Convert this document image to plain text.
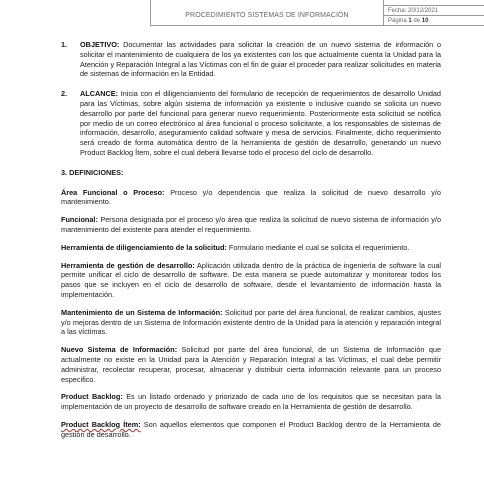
PROCEDIMIENTO SISTEMAS DE INFORMACIÓN
Fecha: 20/12/2021
Página
1
de
10
1. OBJETIVO: Documentar las actividades para solicitar la creación de un nuevo sistema de información o solicitar el mantenimiento de cualquiera de los ya existentes con los que actualmente cuenta la Unidad para la Atención y Reparación Integral a las Víctimas con el fin de guiar el proceder para realizar solicitudes en materia de sistemas de información en la Entidad.
2. ALCANCE: Inicia con el diligenciamiento del formulario de recepción de requerimientos de desarrollo Unidad para las Víctimas, sobre algún sistema de información ya existente o inclusive cuando se solicita un nuevo desarrollo por parte del funcional para generar nuevo requerimiento. Posteriormente esta solicitud se notifica por medio de un correo electrónico al área funcional o proceso solicitante, a los responsables de sistemas de información, desarrollo, aseguramiento calidad software y mesa de servicios. Finalmente, dicho requerimiento será creado de forma automática dentro de la herramienta de gestión de desarrollo, generando un nuevo Product Backlog Ítem, sobre el cual deberá llevarse todo el proceso del ciclo de desarrollo.
3. DEFINICIONES:
Área Funcional o Proceso: Proceso y/o dependencia que realiza la solicitud de nuevo desarrollo y/o mantenimiento.
Funcional: Persona designada por el proceso y/o área que realiza la solicitud de nuevo sistema de información y/o mantenimiento del existente para atender el requerimiento.
Herramienta de diligenciamiento de la solicitud: Formulario mediante el cual se solicita el requerimiento.
Herramienta de gestión de desarrollo: Aplicación utilizada dentro de la práctica de ingeniería de software la cual permite unificar el ciclo de desarrollo de software. De esta manera se puede automatizar y monitorear todos los pasos que se incluyen en el ciclo de desarrollo de software, desde el levantamiento de información hasta la implementación.
Mantenimiento de un Sistema de Información: Solicitud por parte del área funcional, de realizar cambios, ajustes y/o mejoras dentro de un Sistema de Información existente dentro de la Unidad para la atención y reparación integral a las víctimas.
Nuevo Sistema de Información: Solicitud por parte del área funcional, de un Sistema de Información que actualmente no existe en la Unidad para la Atención y Reparación Integral a las Víctimas, el cual debe permitir administrar, recolectar recuperar, procesar, almacenar y distribuir cierta información relevante para un proceso especifico.
Product Backlog: Es un listado ordenado y priorizado de cada uno de los requisitos que se necesitan para la implementación de un proyecto de desarrollo de software creado en la Herramienta de gestión de desarrollo.
Product Backlog Ítem: Son aquellos elementos que componen el Product Backlog dentro de la Herramienta de gestión de desarrollo.
